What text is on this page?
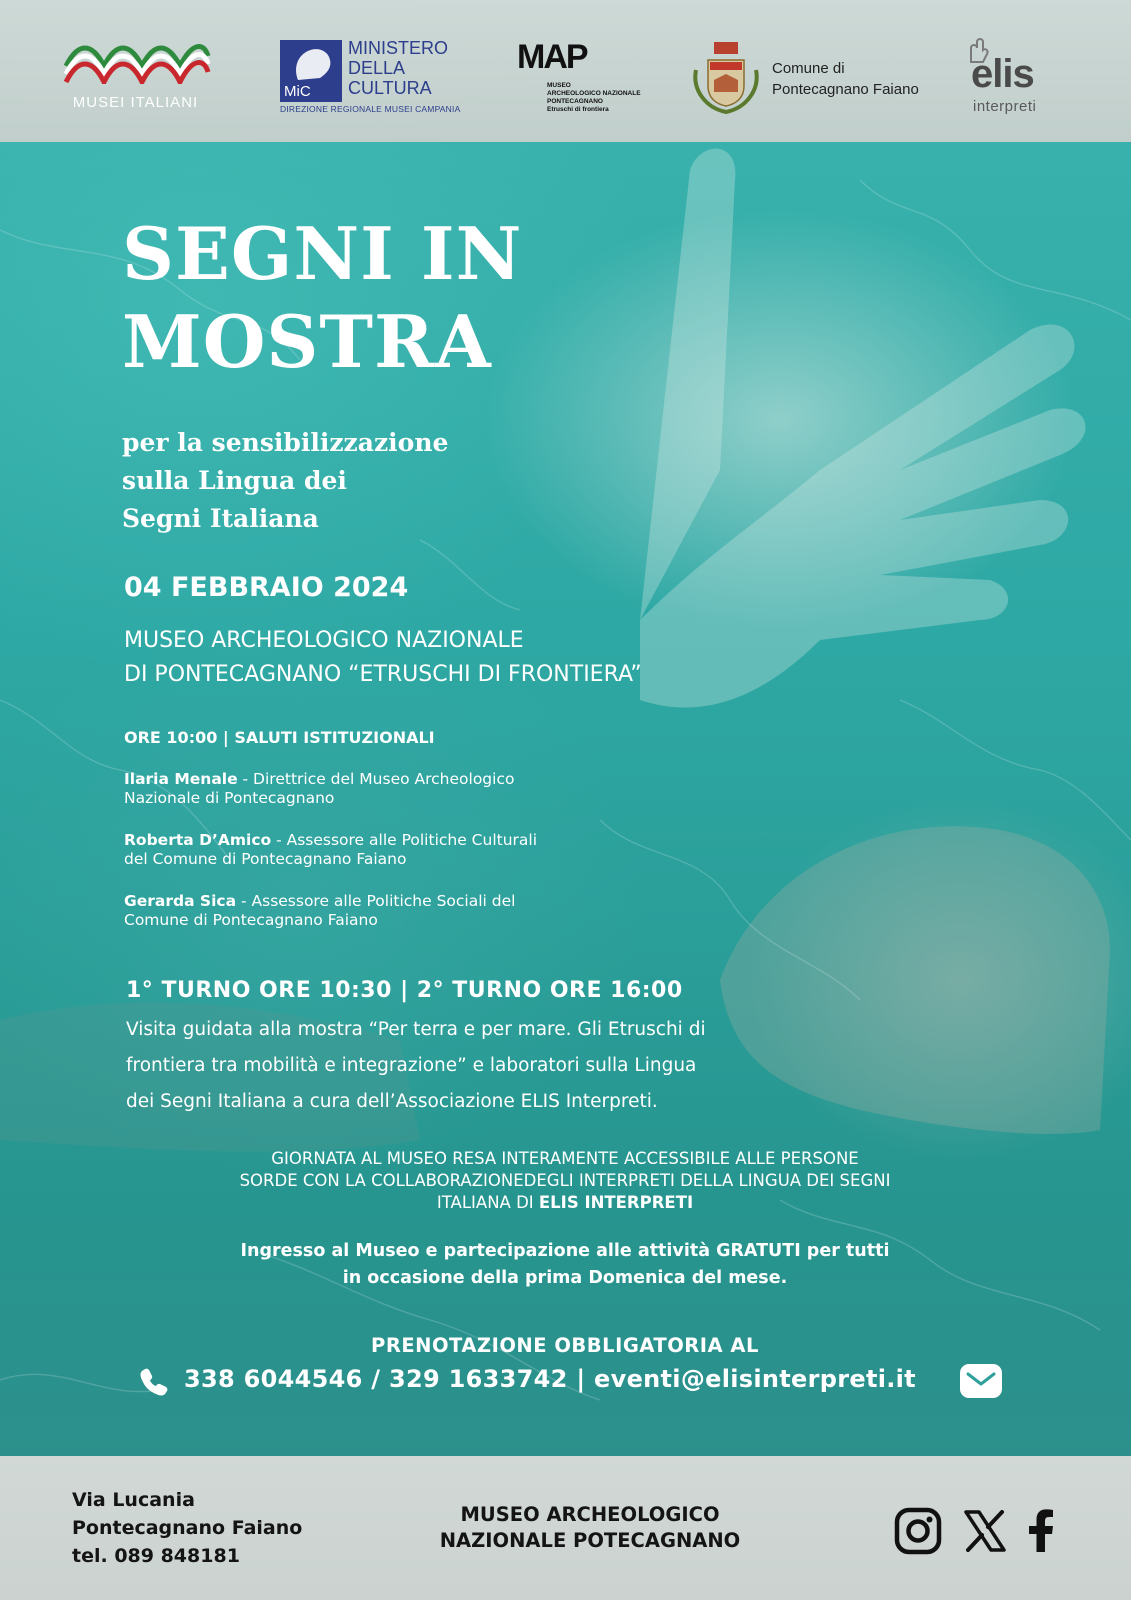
MUSEI ITALIANI
MiC
MINISTERO
DELLA
CULTURA
DIREZIONE REGIONALE MUSEI CAMPANIA
MAP
MUSEO
ARCHEOLOGICO NAZIONALE
PONTECAGNANO
Etruschi di frontiera
Comune di
Pontecagnano Faiano elis
interpreti
SEGNI IN
MOSTRA
per la sensibilizzazione
sulla Lingua dei
Segni Italiana
04 FEBBRAIO 2024
MUSEO ARCHEOLOGICO NAZIONALE
DI PONTECAGNANO “ETRUSCHI DI FRONTIERA”
ORE 10:00 | SALUTI ISTITUZIONALI
Ilaria Menale - Direttrice del Museo Archeologico
Nazionale di Pontecagnano
Roberta D’Amico - Assessore alle Politiche Culturali
del Comune di Pontecagnano Faiano
Gerarda Sica - Assessore alle Politiche Sociali del
Comune di Pontecagnano Faiano
1° TURNO ORE 10:30 | 2° TURNO ORE 16:00
Visita guidata alla mostra “Per terra e per mare. Gli Etruschi di
frontiera tra mobilità e integrazione” e laboratori sulla Lingua
dei Segni Italiana a cura dell’Associazione ELIS Interpreti.
GIORNATA AL MUSEO RESA INTERAMENTE ACCESSIBILE ALLE PERSONE
SORDE CON LA COLLABORAZIONEDEGLI INTERPRETI DELLA LINGUA DEI SEGNI
ITALIANA DI ELIS INTERPRETI
Ingresso al Museo e partecipazione alle attività GRATUTI per tutti
in occasione della prima Domenica del mese.
PRENOTAZIONE OBBLIGATORIA AL
338 6044546 / 329 1633742 | eventi@elisinterpreti.it
Via Lucania
Pontecagnano Faiano
tel. 089 848181
MUSEO ARCHEOLOGICO
NAZIONALE POTECAGNANO
